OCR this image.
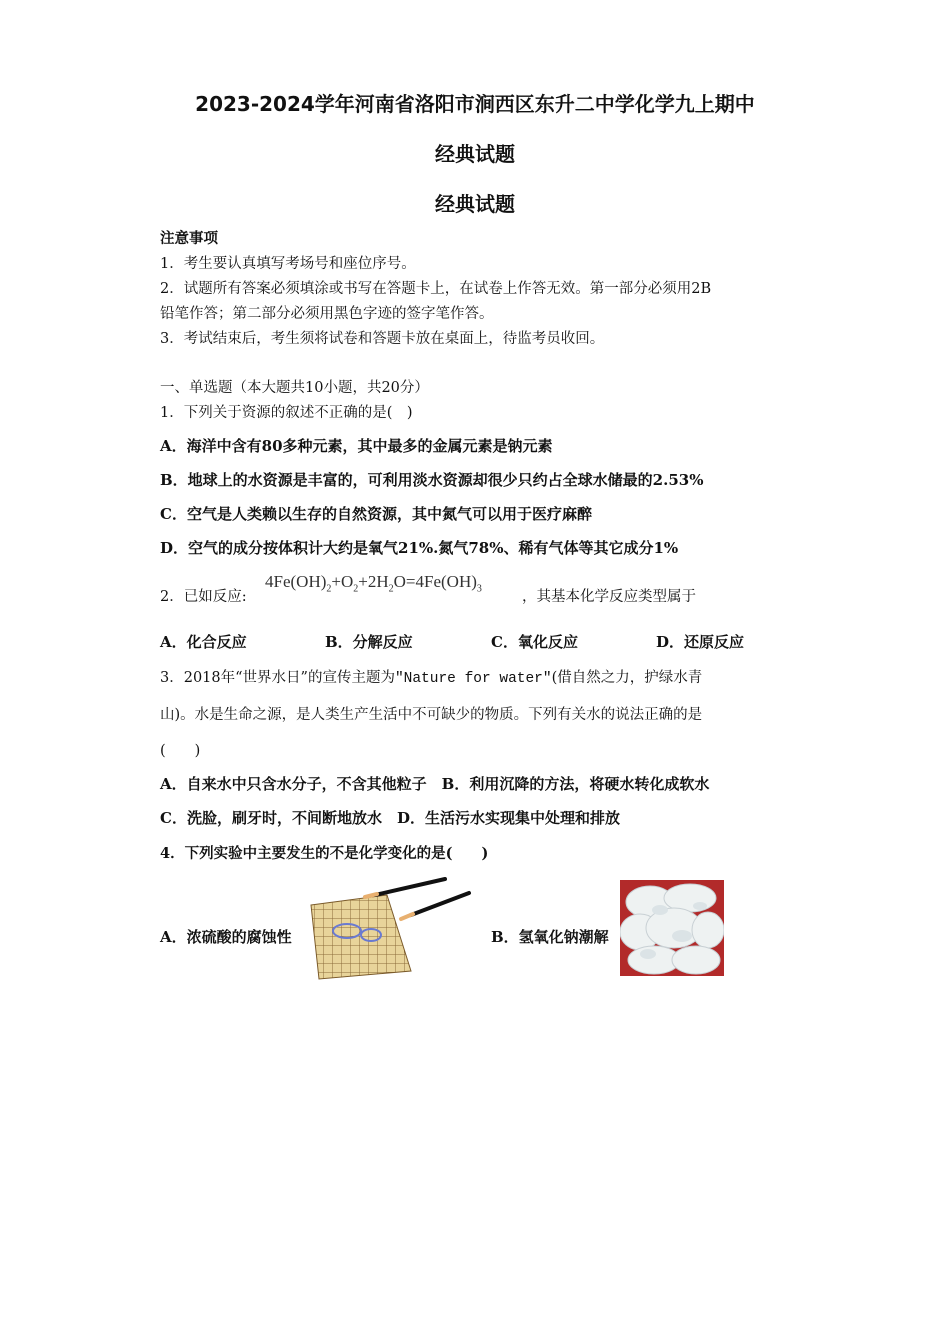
2023-2024学年河南省洛阳市涧西区东升二中学化学九上期中
经典试题
经典试题
注意事项
1．考生要认真填写考场号和座位序号。
2．试题所有答案必须填涂或书写在答题卡上，在试卷上作答无效。第一部分必须用2B
铅笔作答；第二部分必须用黑色字迹的签字笔作答。
3．考试结束后，考生须将试卷和答题卡放在桌面上，待监考员收回。
一、单选题（本大题共10小题，共20分）
1．下列关于资源的叙述不正确的是(　)
A．海洋中含有80多种元素，其中最多的金属元素是钠元素
B．地球上的水资源是丰富的，可利用淡水资源却很少只约占全球水储最的2.53%
C．空气是人类赖以生存的自然资源，其中氮气可以用于医疗麻醉
D．空气的成分按体积计大约是氧气21%.氮气78%、稀有气体等其它成分1%
2．已如反应:
$4Fe(OH)_2+O_2+2H_2O=4Fe(OH)_3$
，其基本化学反应类型属于
A．化合反应	B．分解反应	C．氧化反应	D．还原反应
3．2018年“世界水日”的宣传主题为"Nature for water"(借自然之力，护绿水青
山)。水是生命之源，是人类生产生活中不可缺少的物质。下列有关水的说法正确的是
(　　)
A．自来水中只含水分子，不含其他粒子　B．利用沉降的方法，将硬水转化成软水
C．洗脸，刷牙时，不间断地放水　D．生活污水实现集中处理和排放
4．下列实验中主要发生的不是化学变化的是(　　)
A．浓硫酸的腐蚀性	B．氢氧化钠潮解
